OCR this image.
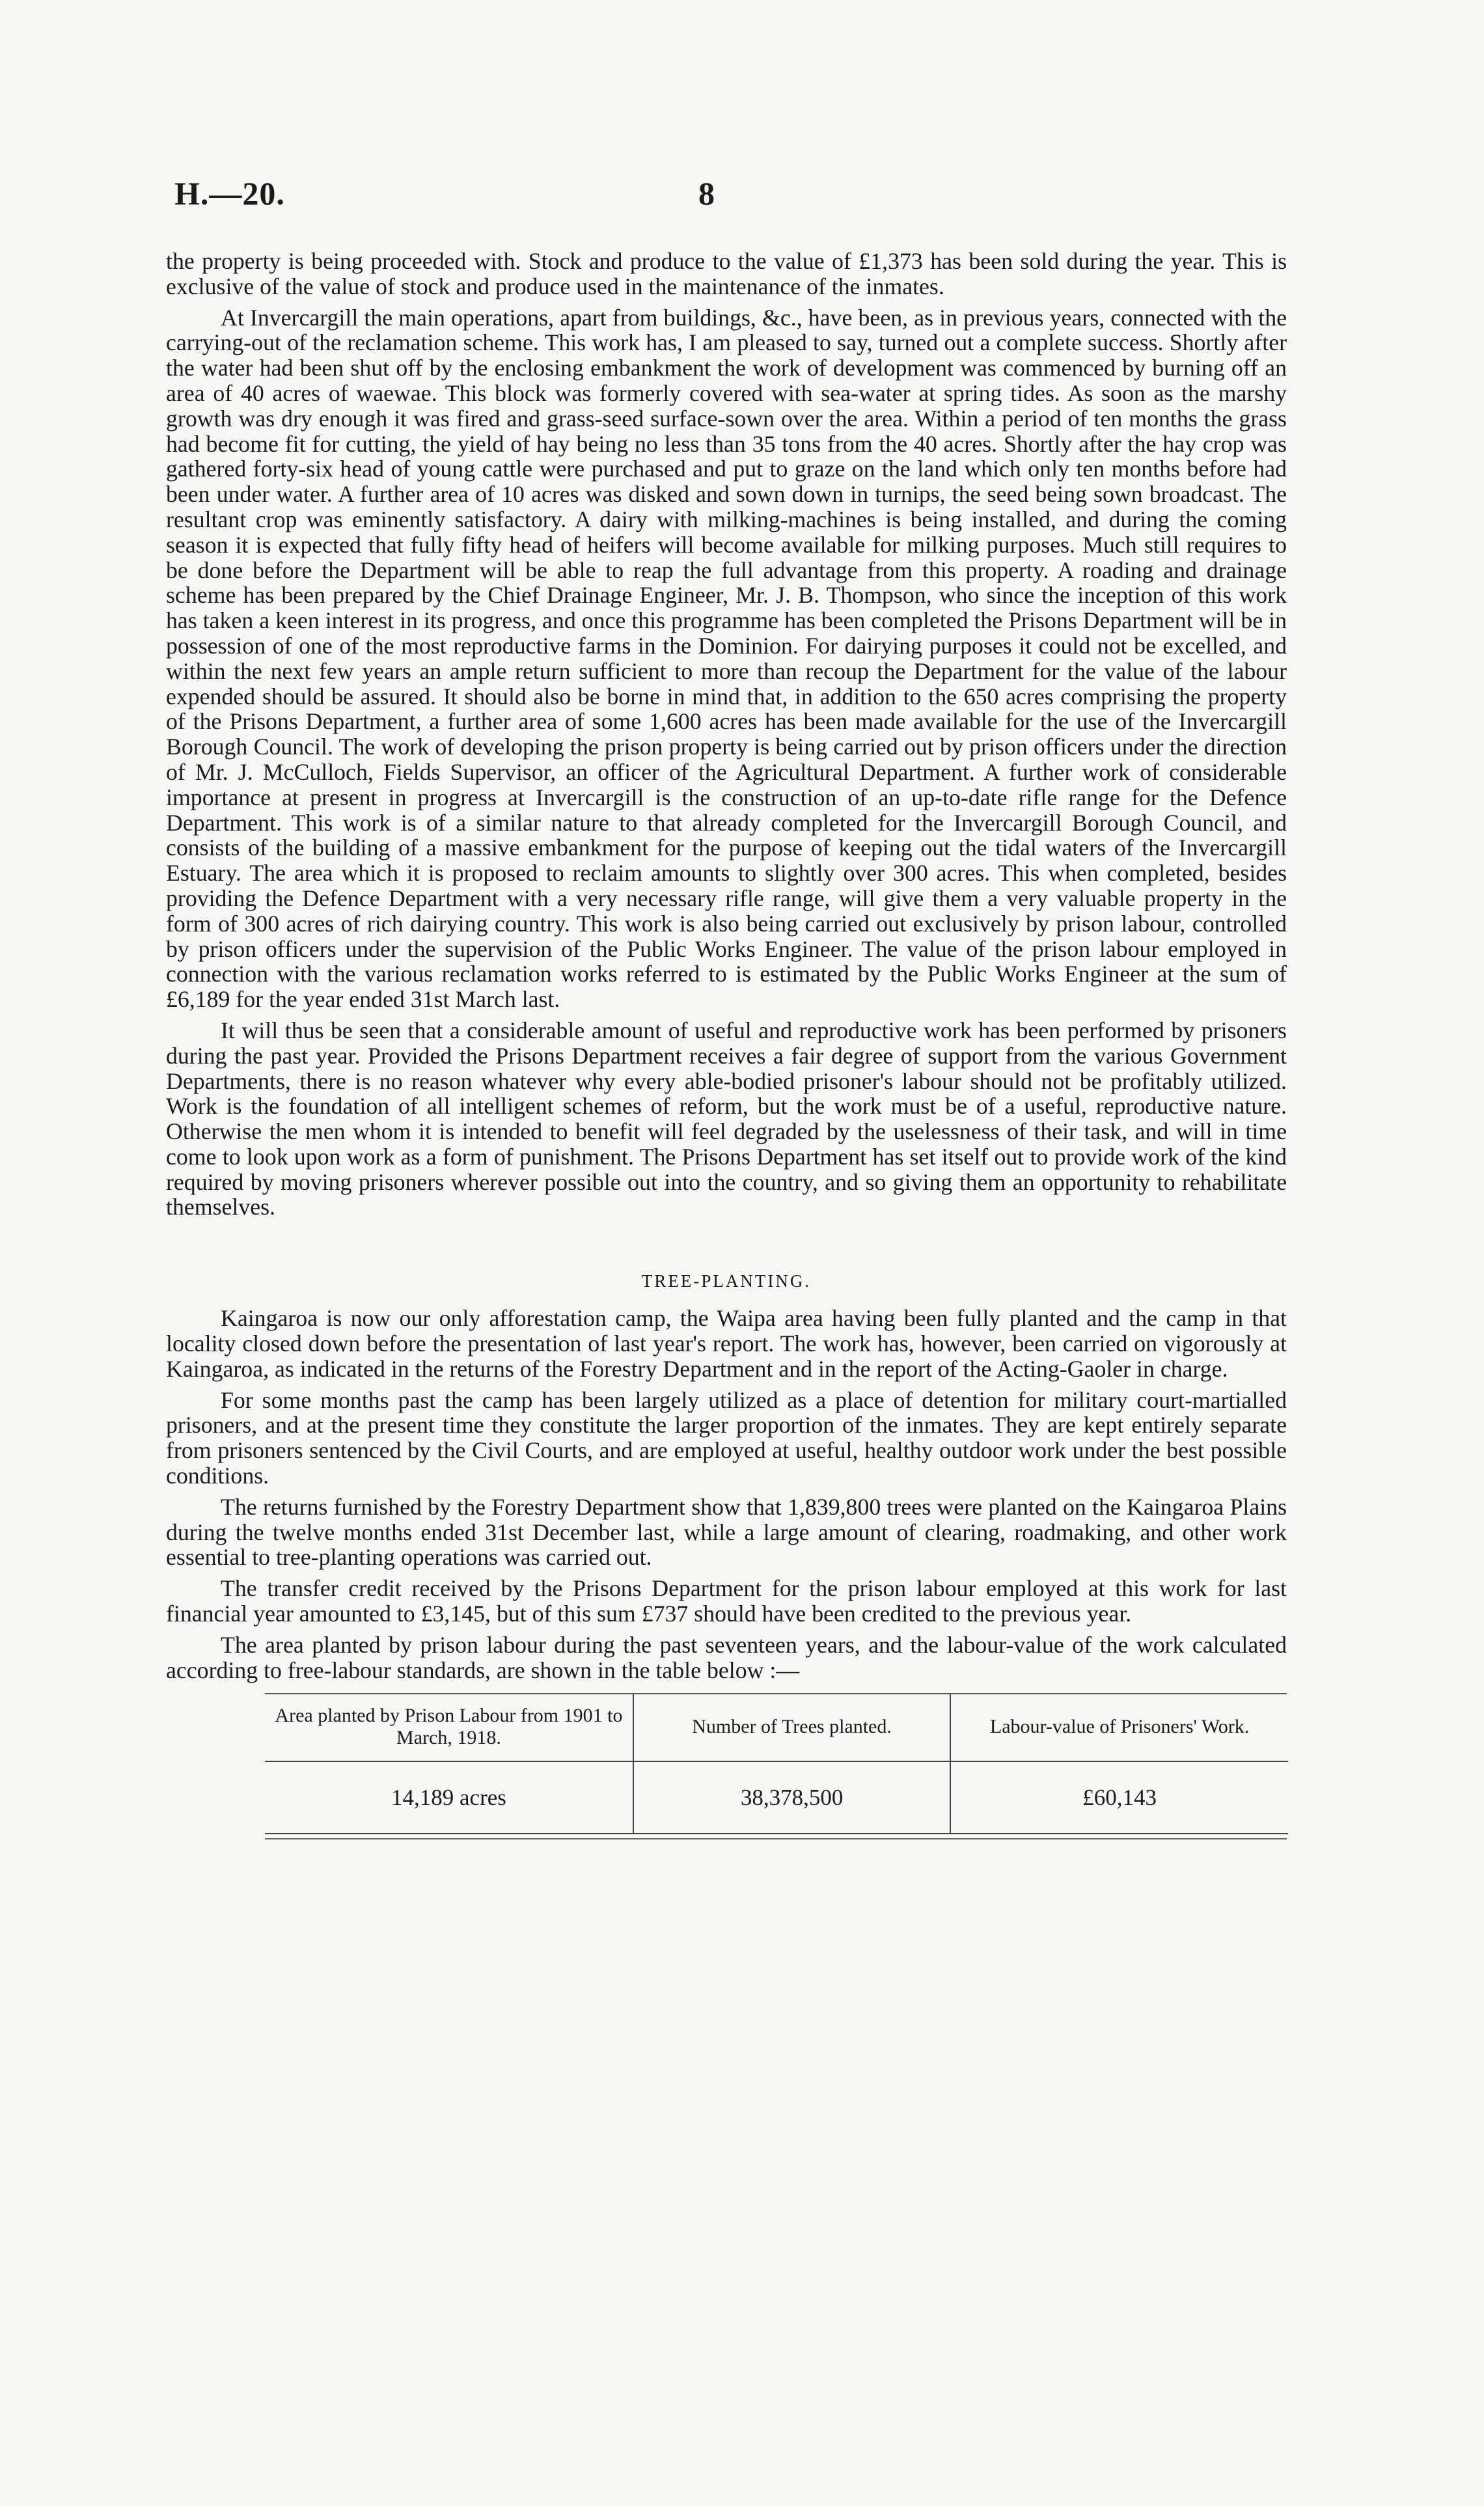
H.—20.	8

the property is being proceeded with. Stock and produce to the value of £1,373 has been sold during the year. This is exclusive of the value of stock and produce used in the maintenance of the inmates.

At Invercargill the main operations, apart from buildings, &c., have been, as in previous years, connected with the carrying-out of the reclamation scheme. This work has, I am pleased to say, turned out a complete success. Shortly after the water had been shut off by the enclosing embankment the work of development was commenced by burning off an area of 40 acres of waewae. This block was formerly covered with sea-water at spring tides. As soon as the marshy growth was dry enough it was fired and grass-seed surface-sown over the area. Within a period of ten months the grass had become fit for cutting, the yield of hay being no less than 35 tons from the 40 acres. Shortly after the hay crop was gathered forty-six head of young cattle were purchased and put to graze on the land which only ten months before had been under water. A further area of 10 acres was disked and sown down in turnips, the seed being sown broadcast. The resultant crop was eminently satisfactory. A dairy with milking-machines is being installed, and during the coming season it is expected that fully fifty head of heifers will become available for milking purposes. Much still requires to be done before the Department will be able to reap the full advantage from this property. A roading and drainage scheme has been prepared by the Chief Drainage Engineer, Mr. J. B. Thompson, who since the inception of this work has taken a keen interest in its progress, and once this programme has been completed the Prisons Department will be in possession of one of the most reproductive farms in the Dominion. For dairying purposes it could not be excelled, and within the next few years an ample return sufficient to more than recoup the Department for the value of the labour expended should be assured. It should also be borne in mind that, in addition to the 650 acres comprising the property of the Prisons Department, a further area of some 1,600 acres has been made available for the use of the Invercargill Borough Council. The work of developing the prison property is being carried out by prison officers under the direction of Mr. J. McCulloch, Fields Supervisor, an officer of the Agricultural Department. A further work of considerable importance at present in progress at Invercargill is the construction of an up-to-date rifle range for the Defence Department. This work is of a similar nature to that already completed for the Invercargill Borough Council, and consists of the building of a massive embankment for the purpose of keeping out the tidal waters of the Invercargill Estuary. The area which it is proposed to reclaim amounts to slightly over 300 acres. This when completed, besides providing the Defence Department with a very necessary rifle range, will give them a very valuable property in the form of 300 acres of rich dairying country. This work is also being carried out exclusively by prison labour, controlled by prison officers under the supervision of the Public Works Engineer. The value of the prison labour employed in connection with the various reclamation works referred to is estimated by the Public Works Engineer at the sum of £6,189 for the year ended 31st March last.

It will thus be seen that a considerable amount of useful and reproductive work has been performed by prisoners during the past year. Provided the Prisons Department receives a fair degree of support from the various Government Departments, there is no reason whatever why every able-bodied prisoner's labour should not be profitably utilized. Work is the foundation of all intelligent schemes of reform, but the work must be of a useful, reproductive nature. Otherwise the men whom it is intended to benefit will feel degraded by the uselessness of their task, and will in time come to look upon work as a form of punishment. The Prisons Department has set itself out to provide work of the kind required by moving prisoners wherever possible out into the country, and so giving them an opportunity to rehabilitate themselves.

TREE-PLANTING.

Kaingaroa is now our only afforestation camp, the Waipa area having been fully planted and the camp in that locality closed down before the presentation of last year's report. The work has, however, been carried on vigorously at Kaingaroa, as indicated in the returns of the Forestry Department and in the report of the Acting-Gaoler in charge.

For some months past the camp has been largely utilized as a place of detention for military court-martialled prisoners, and at the present time they constitute the larger proportion of the inmates. They are kept entirely separate from prisoners sentenced by the Civil Courts, and are employed at useful, healthy outdoor work under the best possible conditions.

The returns furnished by the Forestry Department show that 1,839,800 trees were planted on the Kaingaroa Plains during the twelve months ended 31st December last, while a large amount of clearing, roadmaking, and other work essential to tree-planting operations was carried out.

The transfer credit received by the Prisons Department for the prison labour employed at this work for last financial year amounted to £3,145, but of this sum £737 should have been credited to the previous year.

The area planted by prison labour during the past seventeen years, and the labour-value of the work calculated according to free-labour standards, are shown in the table below :—

Area planted by Prison Labour from 1901 to March, 1918.	Number of Trees planted.	Labour-value of Prisoners' Work.
14,189 acres	38,378,500	£60,143
